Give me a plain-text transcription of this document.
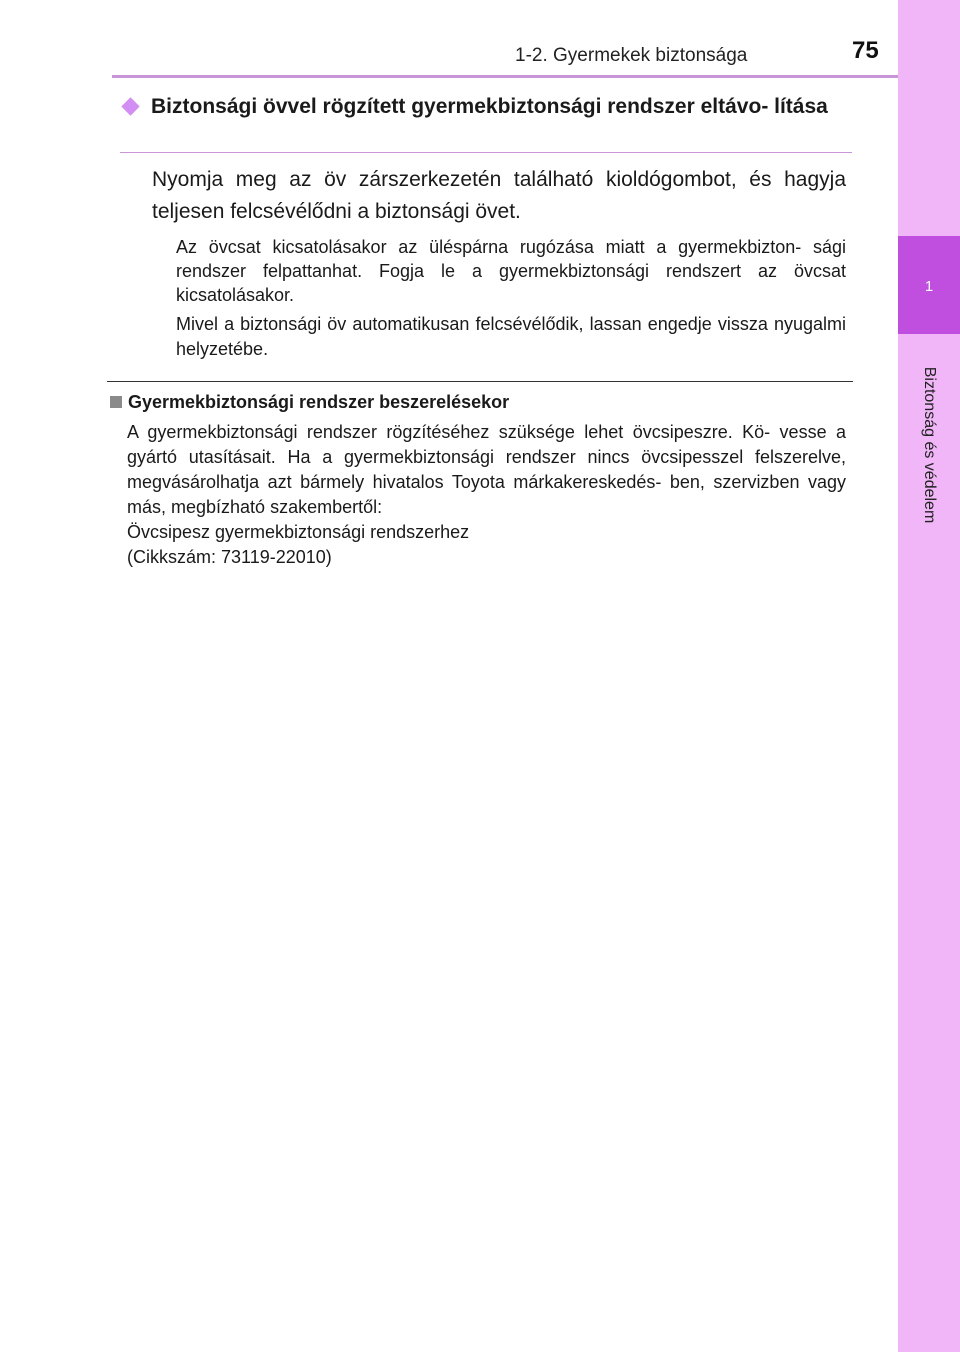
1
Biztonság és védelem
1-2. Gyermekek biztonsága	75
Biztonsági övvel rögzített gyermekbiztonsági rendszer eltávo- lítása
Nyomja meg az öv zárszerkezetén található kioldógombot, és hagyja teljesen felcsévélődni a biztonsági övet.
Az övcsat kicsatolásakor az üléspárna rugózása miatt a gyermekbizton- sági rendszer felpattanhat. Fogja le a gyermekbiztonsági rendszert az övcsat kicsatolásakor.
Mivel a biztonsági öv automatikusan felcsévélődik, lassan engedje vissza nyugalmi helyzetébe.
Gyermekbiztonsági rendszer beszerelésekor
A gyermekbiztonsági rendszer rögzítéséhez szüksége lehet övcsipeszre. Kö- vesse a gyártó utasításait. Ha a gyermekbiztonsági rendszer nincs övcsipesszel felszerelve, megvásárolhatja azt bármely hivatalos Toyota márkakereskedés- ben, szervizben vagy más, megbízható szakembertől:
Övcsipesz gyermekbiztonsági rendszerhez
(Cikkszám: 73119-22010)
